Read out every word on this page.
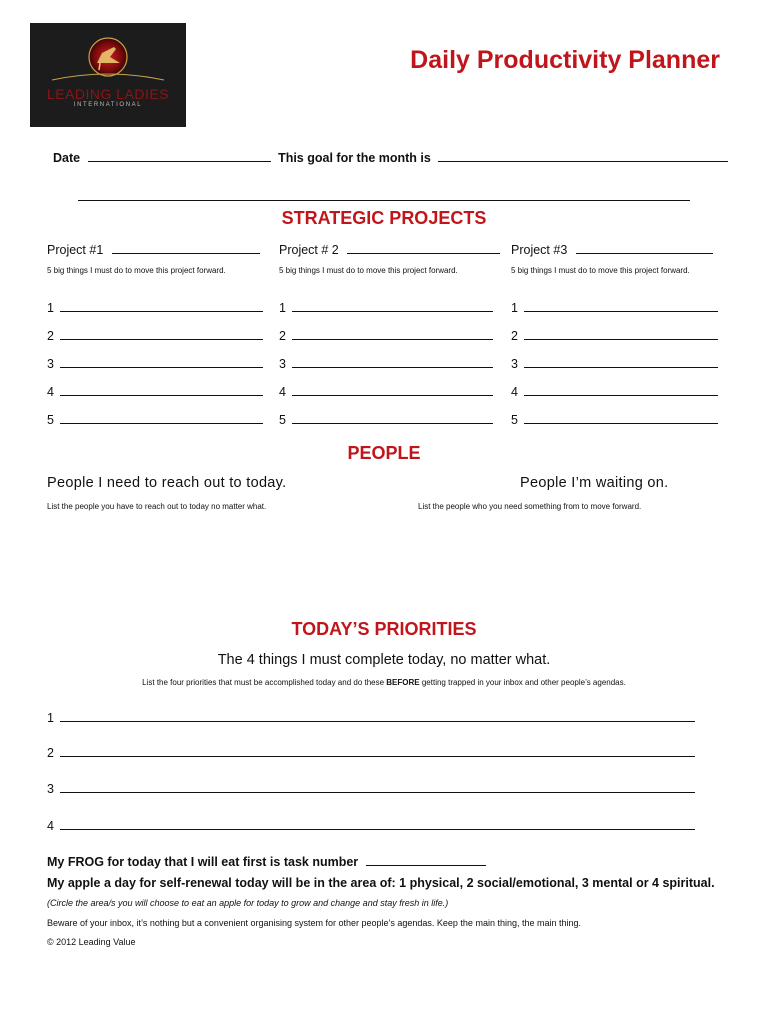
LEADING LADIES
INTERNATIONAL
Daily Productivity Planner
Date	This goal for the month is
STRATEGIC PROJECTS
Project #1	Project # 2	Project #3
5 big things I must do to move this project forward.	5 big things I must do to move this project forward.	5 big things I must do to move this project forward.
1
2
3
4
5
1
2
3
4
5
1
2
3
4
5
PEOPLE
People I need to reach out to today.	People I’m waiting on.
List the people you have to reach out to today no matter what.	List the people who you need something from to move forward.
TODAY’S PRIORITIES
The 4 things I must complete today, no matter what.
List the four priorities that must be accomplished today and do these BEFORE getting trapped in your inbox and other people’s agendas.
1
2
3
4
My FROG for today that I will eat first is task number
My apple a day for self-renewal today will be in the area of: 1 physical, 2 social/emotional, 3 mental or 4 spiritual.
(Circle the area/s you will choose to eat an apple for today to grow and change and stay fresh in life.)
Beware of your inbox, it’s nothing but a convenient organising system for other people’s agendas. Keep the main thing, the main thing.
© 2012 Leading Value
